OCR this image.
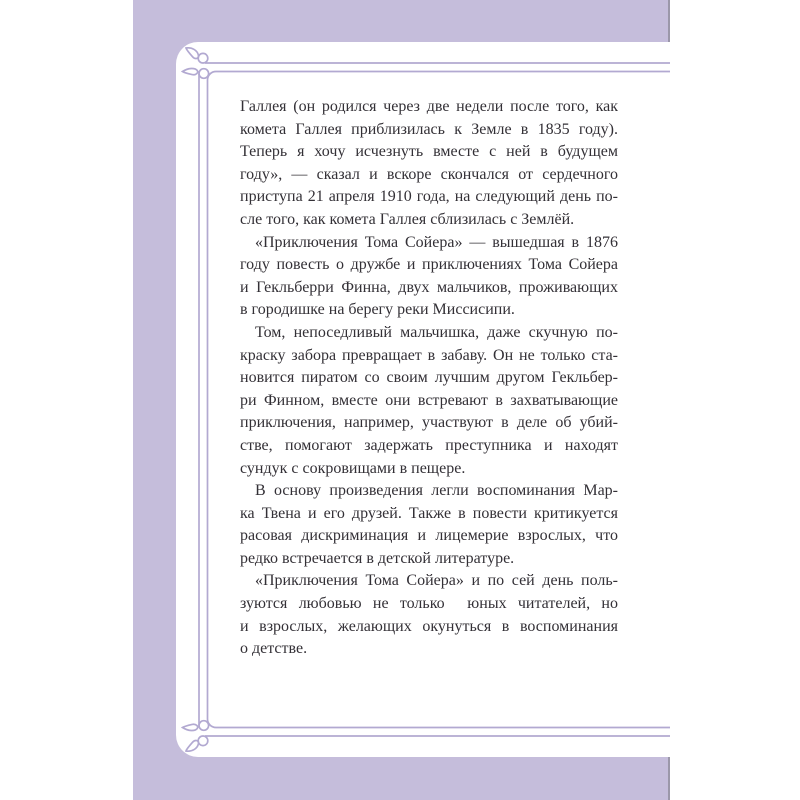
Галлея (он родился через две недели после того, как
комета Галлея приблизилась к Земле в 1835 году).
Теперь я хочу исчезнуть вместе с ней в будущем
году», — сказал и вскоре скончался от сердечного
приступа 21 апреля 1910 года, на следующий день по-
сле того, как комета Галлея сблизилась с Землёй.
«Приключения Тома Сойера» — вышедшая в 1876
году повесть о дружбе и приключениях Тома Сойера
и Гекльберри Финна, двух мальчиков, проживающих
в городишке на берегу реки Миссисипи.
Том, непоседливый мальчишка, даже скучную по-
краску забора превращает в забаву. Он не только ста-
новится пиратом со своим лучшим другом Гекльбер-
ри Финном, вместе они встревают в захватывающие
приключения, например, участвуют в деле об убий-
стве, помогают задержать преступника и находят
сундук с сокровищами в пещере.
В основу произведения легли воспоминания Мар-
ка Твена и его друзей. Также в повести критикуется
расовая дискриминация и лицемерие взрослых, что
редко встречается в детской литературе.
«Приключения Тома Сойера» и по сей день поль-
зуются любовью не только  юных читателей, но
и взрослых, желающих окунуться в воспоминания
о детстве.
